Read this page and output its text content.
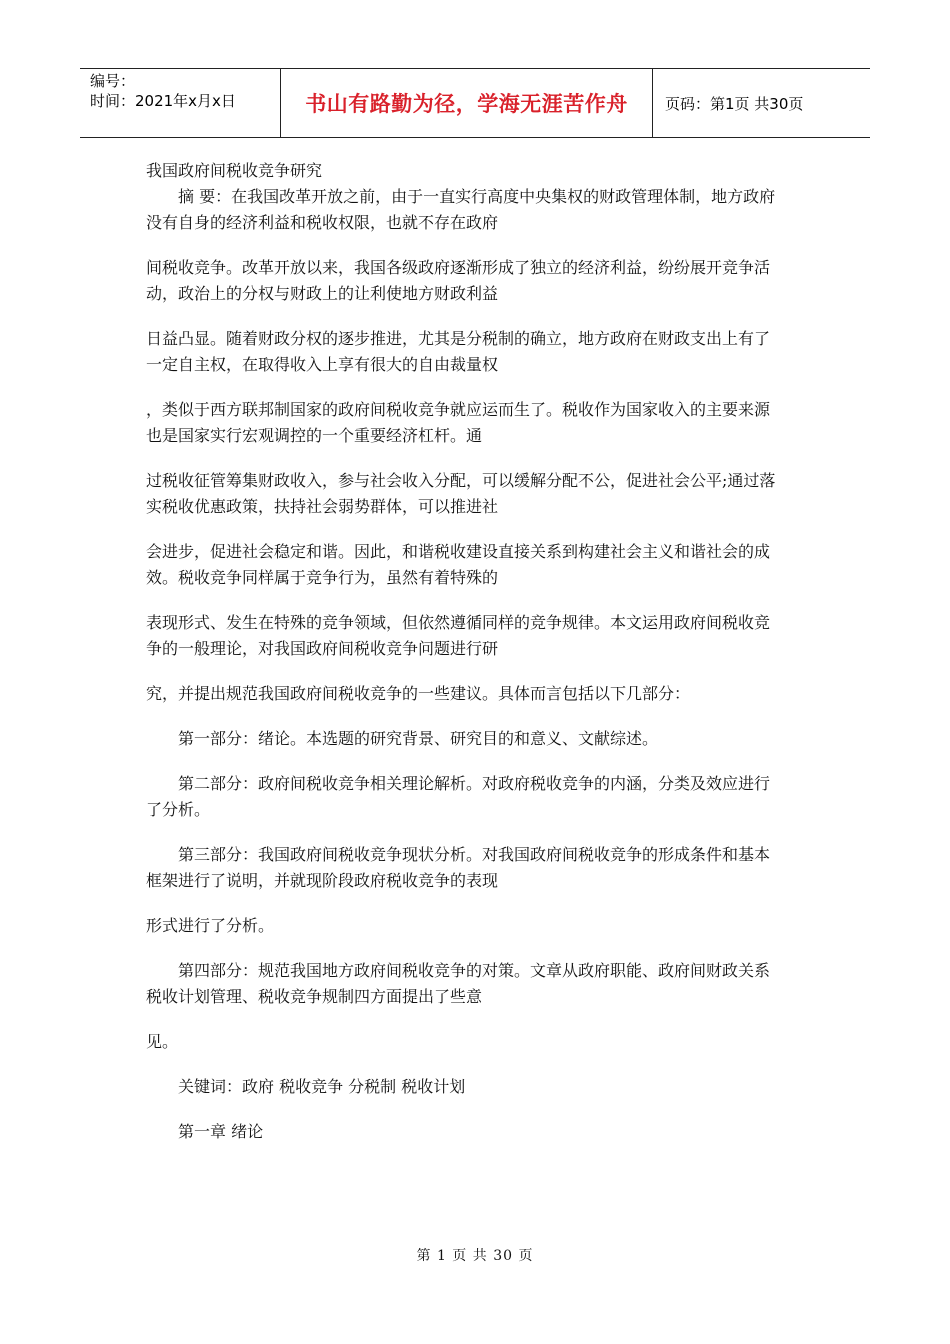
编号：
时间：2021年x月x日	书山有路勤为径，学海无涯苦作舟	页码：第1页 共30页
我国政府间税收竞争研究
摘 要：在我国改革开放之前，由于一直实行高度中央集权的财政管理体制，地方政府
没有自身的经济利益和税收权限，也就不存在政府
间税收竞争。改革开放以来，我国各级政府逐渐形成了独立的经济利益，纷纷展开竞争活
动，政治上的分权与财政上的让利使地方财政利益
日益凸显。随着财政分权的逐步推进，尤其是分税制的确立，地方政府在财政支出上有了
一定自主权，在取得收入上享有很大的自由裁量权
，类似于西方联邦制国家的政府间税收竞争就应运而生了。税收作为国家收入的主要来源
也是国家实行宏观调控的一个重要经济杠杆。通
过税收征管筹集财政收入，参与社会收入分配，可以缓解分配不公，促进社会公平;通过落
实税收优惠政策，扶持社会弱势群体，可以推进社
会进步，促进社会稳定和谐。因此，和谐税收建设直接关系到构建社会主义和谐社会的成
效。税收竞争同样属于竞争行为，虽然有着特殊的
表现形式、发生在特殊的竞争领域，但依然遵循同样的竞争规律。本文运用政府间税收竞
争的一般理论，对我国政府间税收竞争问题进行研
究，并提出规范我国政府间税收竞争的一些建议。具体而言包括以下几部分：
第一部分：绪论。本选题的研究背景、研究目的和意义、文献综述。
第二部分：政府间税收竞争相关理论解析。对政府税收竞争的内涵，分类及效应进行
了分析。
第三部分：我国政府间税收竞争现状分析。对我国政府间税收竞争的形成条件和基本
框架进行了说明，并就现阶段政府税收竞争的表现
形式进行了分析。
第四部分：规范我国地方政府间税收竞争的对策。文章从政府职能、政府间财政关系
税收计划管理、税收竞争规制四方面提出了些意
见。
关键词：政府 税收竞争 分税制 税收计划
第一章 绪论
第 1 页 共 30 页
